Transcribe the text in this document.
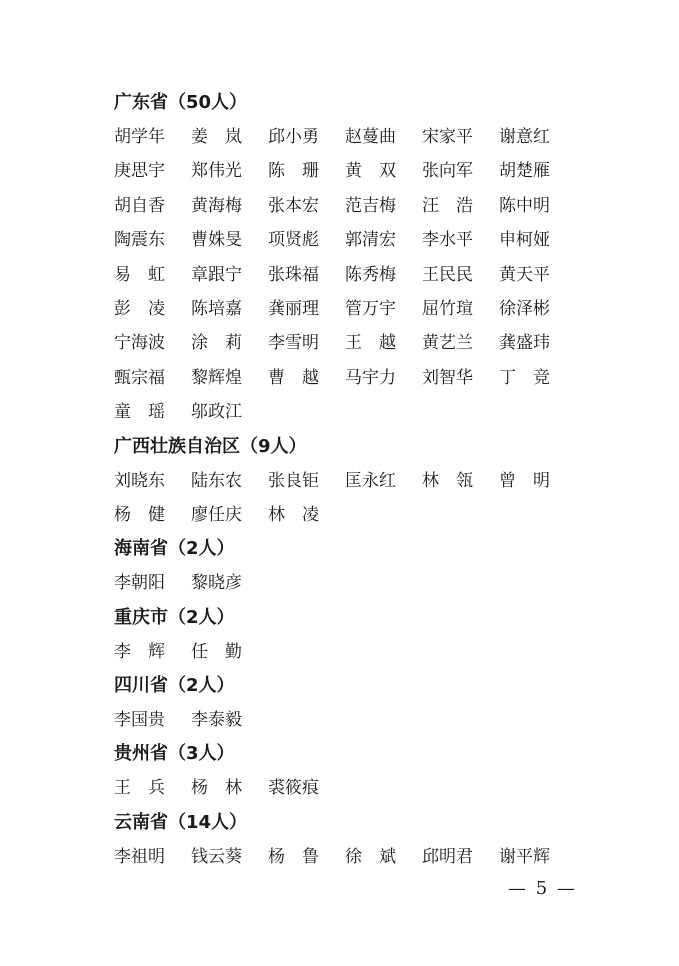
广东省（50人）
胡学年	姜　岚	邱小勇	赵蔓曲	宋家平	谢意红
庚思宇	郑伟光	陈　珊	黄　双	张向军	胡楚雁
胡自香	黄海梅	张本宏	范吉梅	汪　浩	陈中明
陶震东	曹姝旻	项贤彪	郭清宏	李水平	申柯娅
易　虹	章跟宁	张珠福	陈秀梅	王民民	黄天平
彭　凌	陈培嘉	龚丽理	管万宇	屈竹瑄	徐泽彬
宁海波	涂　莉	李雪明	王　越	黄艺兰	龚盛玮
甄宗福	黎辉煌	曹　越	马宇力	刘智华	丁　竞
童　瑶	邬政江
广西壮族自治区（9人）
刘晓东	陆东农	张良钜	匡永红	林　瓴	曾　明
杨　健	廖任庆	林　凌
海南省（2人）
李朝阳	黎晓彦
重庆市（2人）
李　辉	任　勤
四川省（2人）
李国贵	李泰毅
贵州省（3人）
王　兵	杨　林	裘筱痕
云南省（14人）
李祖明	钱云葵	杨　鲁	徐　斌	邱明君	谢平辉
— 5 —
